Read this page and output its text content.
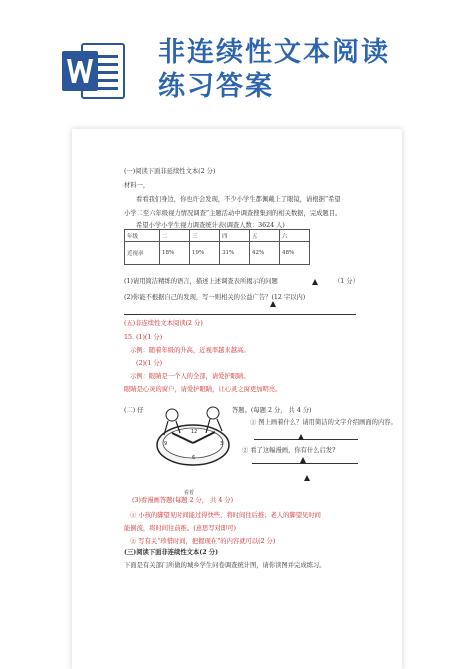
非连续性文本阅读
练习答案
(一)阅读下面非延续性文本(2 分)
材料一，
看看我们身边，你也许会发现，不少小学生都佩戴上了眼镜，请根据“希望
小学二至六年级视力情况调查”主题活动中调查搜集到的相关数据，完成题目。
希望小学小学生视力调查统计表(调查人数：3624 人)
年级	二	三	四	五	六
近视率	18%	19%	31%	42%	48%
(1)请用简洁精练的语言，描述上述调查表所揭示的问题	（1 分）
(2)你能不根据自己的发现，写一则相关的公益广告？(12 字以内)
(五)非连续性文本阅读(2 分)
15. (1)(1 分)
示例：随着年级的升高，近视率越来越高。
(2)(1 分)
示例：眼睛是一个人的全部，请爱护眼睛。
眼睛是心灵的窗户，请爱护眼睛，让心灵之窗更加明亮。
(二) 仔	答题。(每题 2 分， 共 4 分)
9	3
12
6
看着
① 图上画着什么？请用简洁的文字介绍画面的内容。
② 看了这幅漫画，你有什么启发?
(3)看漫画答题(每题 2 分， 共 4 分)
① 小孩的脚望见时间能过得快些，将时间往后推；老人的脚望见时间
能倒流，将时间往前推。(意思写对即可)
② 写有关“珍惜时间，把握现在”的内容就可以(2 分)
(三)阅读下面非连续性文本(2 分)
下面是有关部门所做的城乡学生问卷调查统计图，请你读图并完成练习。
